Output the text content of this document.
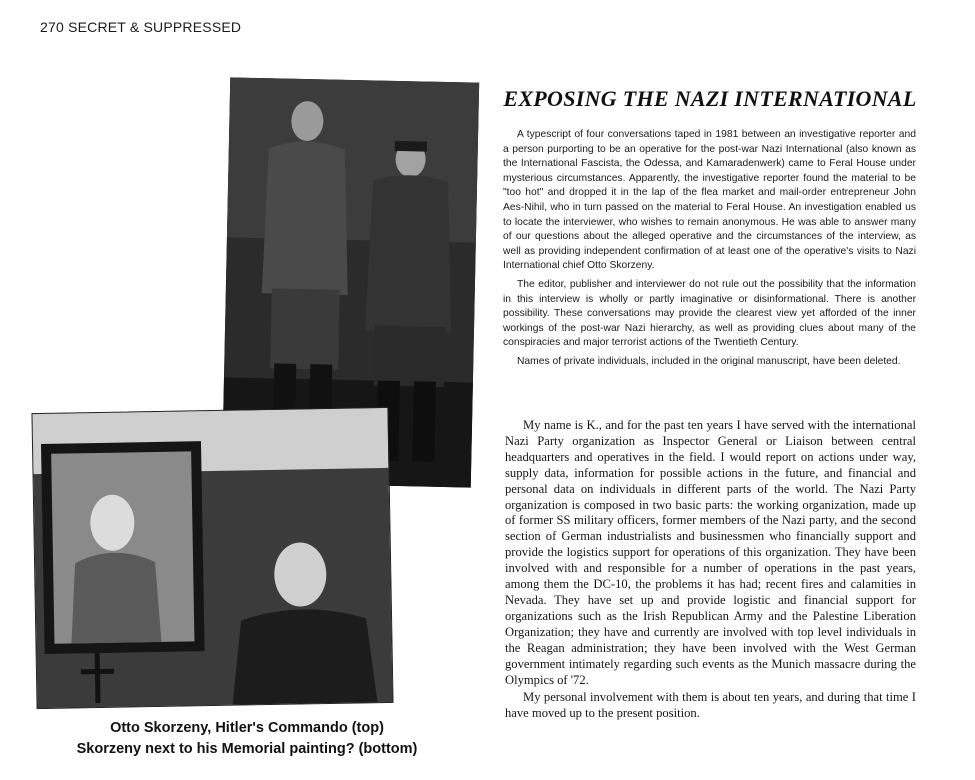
270 SECRET & SUPPRESSED
Otto Skorzeny, Hitler's Commando (top)
Skorzeny next to his Memorial painting? (bottom)
EXPOSING THE NAZI INTERNATIONAL

A typescript of four conversations taped in 1981 between an investigative reporter and a person purporting to be an operative for the post-war Nazi International (also known as the International Fascista, the Odessa, and Kamaradenwerk) came to Feral House under mysterious circumstances. Apparently, the investigative reporter found the material to be "too hot" and dropped it in the lap of the flea market and mail-order entrepreneur John Aes-Nihil, who in turn passed on the material to Feral House. An investigation enabled us to locate the interviewer, who wishes to remain anonymous. He was able to answer many of our questions about the alleged operative and the circumstances of the interview, as well as providing independent confirmation of at least one of the operative's visits to Nazi International chief Otto Skorzeny.

The editor, publisher and interviewer do not rule out the possibility that the information in this interview is wholly or partly imaginative or disinformational. There is another possibility. These conversations may provide the clearest view yet afforded of the inner workings of the post-war Nazi hierarchy, as well as providing clues about many of the conspiracies and major terrorist actions of the Twentieth Century.

Names of private individuals, included in the original manuscript, have been deleted.

My name is K., and for the past ten years I have served with the international Nazi Party organization as Inspector General or Liaison between central headquarters and operatives in the field. I would report on actions under way, supply data, information for possible actions in the future, and financial and personal data on individuals in different parts of the world. The Nazi Party organization is composed in two basic parts: the working organization, made up of former SS military officers, former members of the Nazi party, and the second section of German industrialists and businessmen who financially support and provide the logistics support for operations of this organization. They have been involved with and responsible for a number of operations in the past years, among them the DC-10, the problems it has had; recent fires and calamities in Nevada. They have set up and provide logistic and financial support for organizations such as the Irish Republican Army and the Palestine Liberation Organization; they have and currently are involved with top level individuals in the Reagan administration; they have been involved with the West German government intimately regarding such events as the Munich massacre during the Olympics of '72.

My personal involvement with them is about ten years, and during that time I have moved up to the present position.
